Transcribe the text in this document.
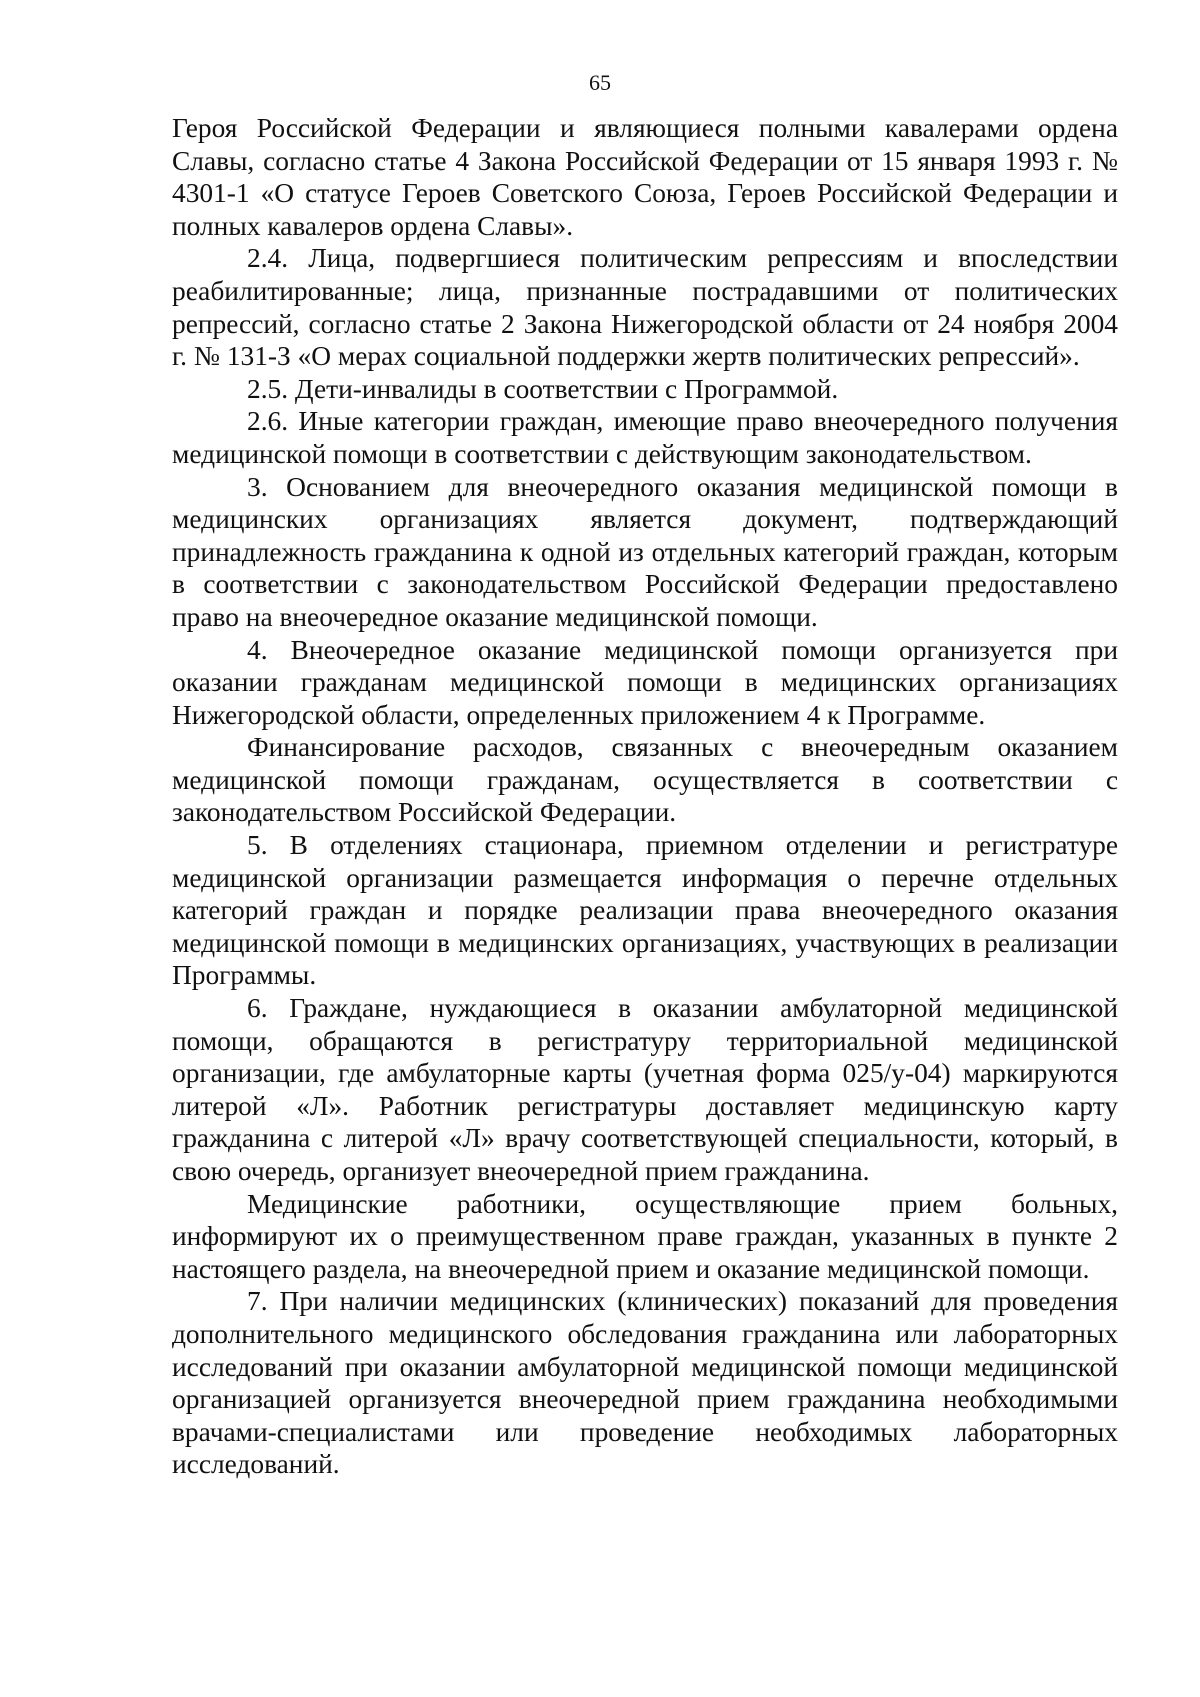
65

Героя Российской Федерации и являющиеся полными кавалерами ордена Славы, согласно статье 4 Закона Российской Федерации от 15 января 1993 г. № 4301-1 «О статусе Героев Советского Союза, Героев Российской Федерации и полных кавалеров ордена Славы».

2.4. Лица, подвергшиеся политическим репрессиям и впоследствии реабилитированные; лица, признанные пострадавшими от политических репрессий, согласно статье 2 Закона Нижегородской области от 24 ноября 2004 г. № 131-З «О мерах социальной поддержки жертв политических репрессий».

2.5. Дети-инвалиды в соответствии с Программой.

2.6. Иные категории граждан, имеющие право внеочередного получения медицинской помощи в соответствии с действующим законодательством.

3. Основанием для внеочередного оказания медицинской помощи в медицинских организациях является документ, подтверждающий принадлежность гражданина к одной из отдельных категорий граждан, которым в соответствии с законодательством Российской Федерации предоставлено право на внеочередное оказание медицинской помощи.

4. Внеочередное оказание медицинской помощи организуется при оказании гражданам медицинской помощи в медицинских организациях Нижегородской области, определенных приложением 4 к Программе.

Финансирование расходов, связанных с внеочередным оказанием медицинской помощи гражданам, осуществляется в соответствии с законодательством Российской Федерации.

5. В отделениях стационара, приемном отделении и регистратуре медицинской организации размещается информация о перечне отдельных категорий граждан и порядке реализации права внеочередного оказания медицинской помощи в медицинских организациях, участвующих в реализации Программы.

6. Граждане, нуждающиеся в оказании амбулаторной медицинской помощи, обращаются в регистратуру территориальной медицинской организации, где амбулаторные карты (учетная форма 025/у-04) маркируются литерой «Л». Работник регистратуры доставляет медицинскую карту гражданина с литерой «Л» врачу соответствующей специальности, который, в свою очередь, организует внеочередной прием гражданина.

Медицинские работники, осуществляющие прием больных, информируют их о преимущественном праве граждан, указанных в пункте 2 настоящего раздела, на внеочередной прием и оказание медицинской помощи.

7. При наличии медицинских (клинических) показаний для проведения дополнительного медицинского обследования гражданина или лабораторных исследований при оказании амбулаторной медицинской помощи медицинской организацией организуется внеочередной прием гражданина необходимыми врачами-специалистами или проведение необходимых лабораторных исследований.
